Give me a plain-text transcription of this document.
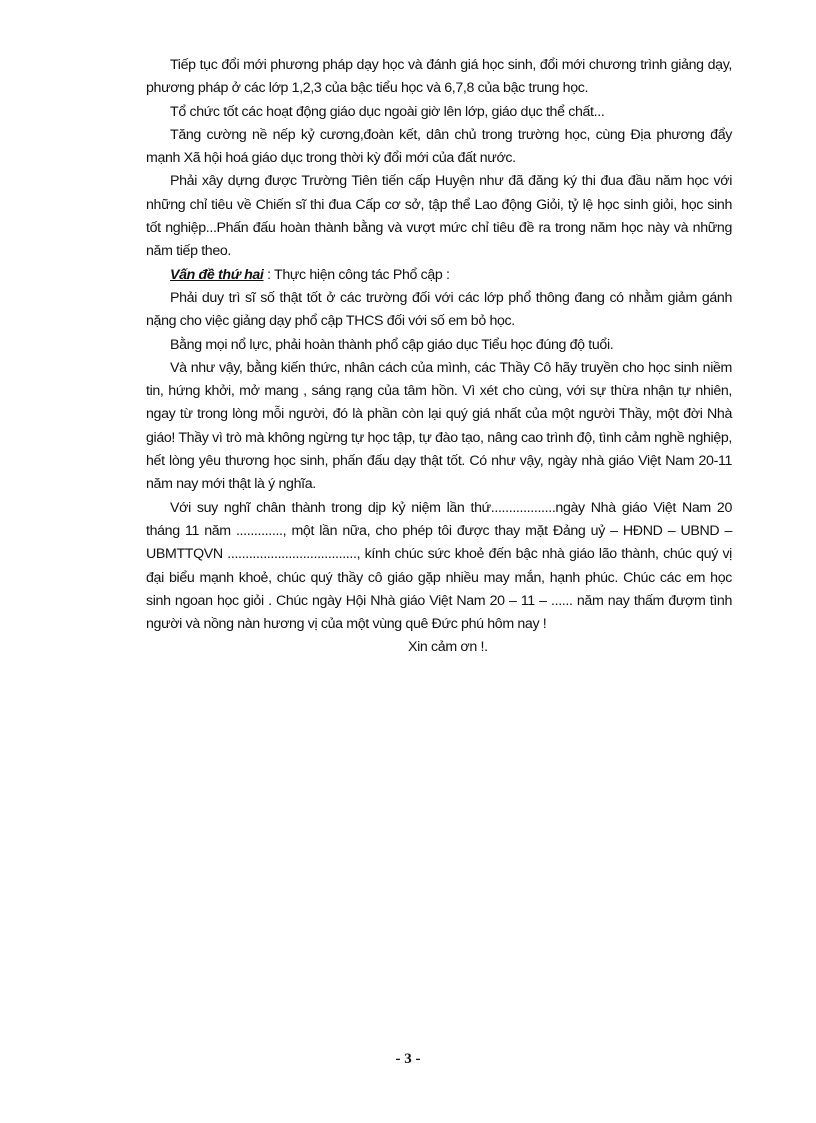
Tiếp tục đổi mới phương pháp dạy học và đánh giá học sinh, đổi mới chương trình giảng dạy, phương pháp ở các lớp 1,2,3 của bậc tiểu học và 6,7,8 của bậc trung học.

Tổ chức tốt các hoạt động giáo dục ngoài giờ lên lớp, giáo dục thể chất...

Tăng cường nề nếp kỷ cương,đoàn kết, dân chủ trong trường học, cùng Địa phương đẩy mạnh Xã hội hoá giáo dục trong thời kỳ đổi mới của đất nước.

Phải xây dựng được Trường Tiên tiến cấp Huyện như đã đăng ký thi đua đầu năm học với những chỉ tiêu về Chiến sĩ thi đua Cấp cơ sở, tập thể Lao động Giỏi, tỷ lệ học sinh giỏi, học sinh tốt nghiệp...Phấn đấu hoàn thành bằng và vượt mức chỉ tiêu đề ra trong năm học này và những năm tiếp theo.

Vấn đề thứ hai : Thực hiện công tác Phổ cập :

Phải duy trì sĩ số thật tốt ở các trường đối với các lớp phổ thông đang có nhằm giảm gánh nặng cho việc giảng dạy phổ cập THCS đối với số em bỏ học.

Bằng mọi nổ lực, phải hoàn thành phổ cập giáo dục Tiểu học đúng độ tuổi.

Và như vậy, bằng kiến thức, nhân cách của mình, các Thầy Cô hãy truyền cho học sinh niềm tin, hứng khởi, mở mang , sáng rạng của tâm hồn. Vì xét cho cùng, với sự thừa nhận tự nhiên, ngay từ trong lòng mỗi người, đó là phần còn lại quý giá nhất của một người Thầy, một đời Nhà giáo! Thầy vì trò mà không ngừng tự học tập, tự đào tạo, nâng cao trình độ, tình cảm nghề nghiệp, hết lòng yêu thương học sinh, phấn đấu dạy thật tốt. Có như vậy, ngày nhà giáo Việt Nam 20-11 năm nay mới thật là ý nghĩa.

Với suy nghĩ chân thành trong dịp kỷ niệm lần thứ..................ngày Nhà giáo Việt Nam 20 tháng 11 năm ............., một lần nữa, cho phép tôi được thay mặt Đảng uỷ – HĐND – UBND – UBMTTQVN ...................................., kính chúc sức khoẻ đến bậc nhà giáo lão thành, chúc quý vị đại biểu mạnh khoẻ, chúc quý thầy cô giáo gặp nhiều may mắn, hạnh phúc. Chúc các em học sinh ngoan học giỏi . Chúc ngày Hội Nhà giáo Việt Nam 20 – 11 – ...... năm nay thấm đượm tình người và nồng nàn hương vị của một vùng quê Đức phú hôm nay !

Xin cảm ơn !.

- 3 -
